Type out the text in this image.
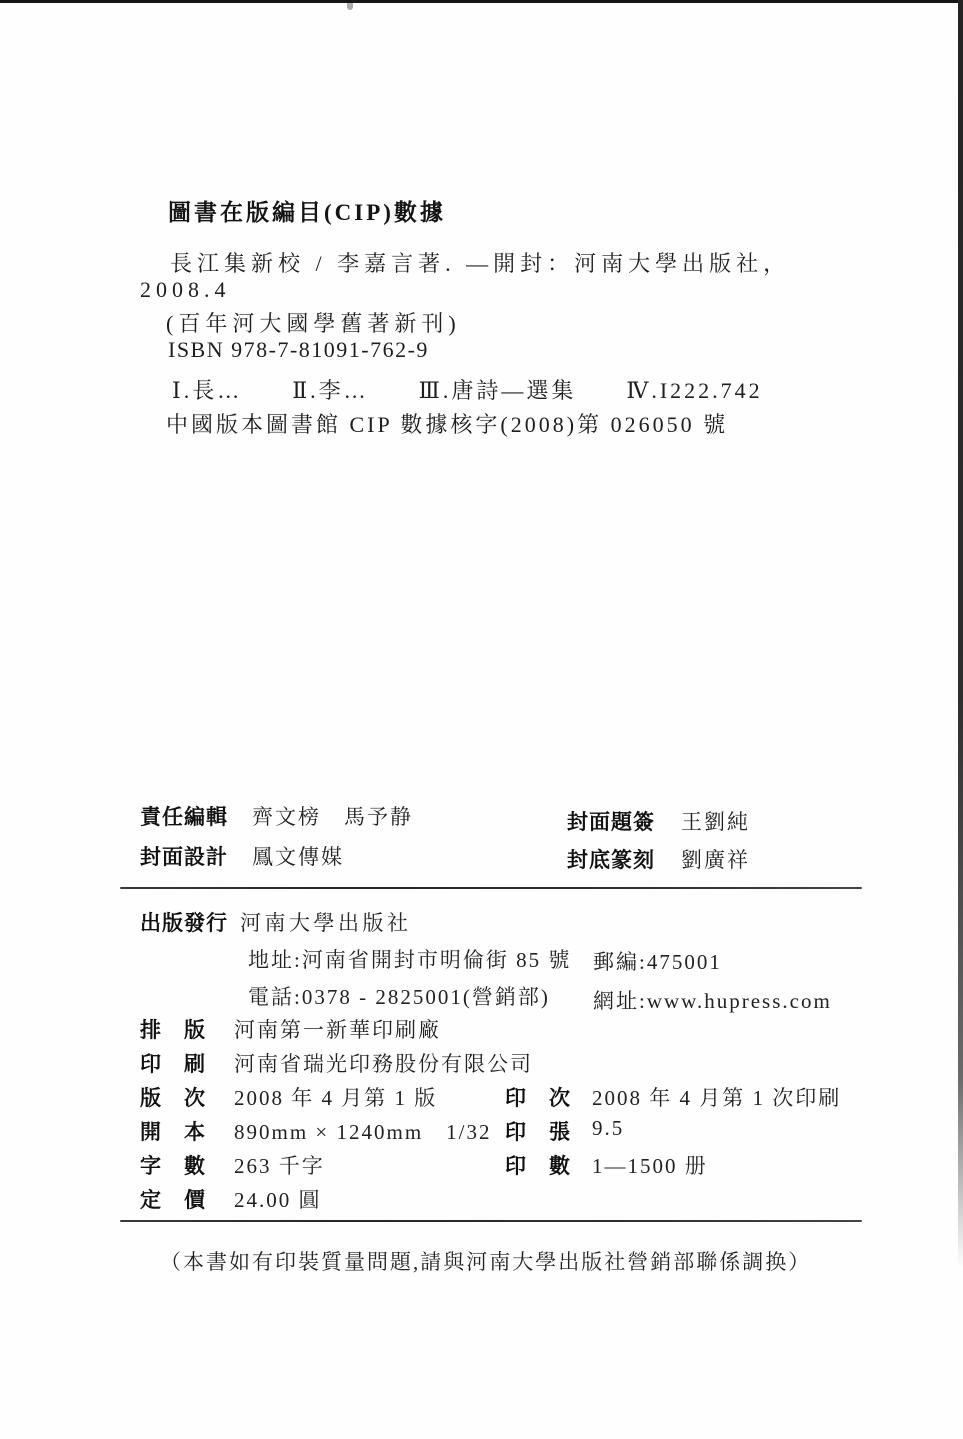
圖書在版編目(CIP)數據
長江集新校 / 李嘉言著. —開封：河南大學出版社，
2008.4
(百年河大國學舊著新刊)
ISBN 978-7-81091-762-9
Ⅰ.長…　　Ⅱ.李…　　Ⅲ.唐詩—選集　　Ⅳ.I222.742
中國版本圖書館 CIP 數據核字(2008)第 026050 號
責任編輯 齊文榜　馬予静
封面設計 鳳文傳媒
封面題簽 王劉純
封底篆刻 劉廣祥
出版發行 河南大學出版社
地址:河南省開封市明倫街 85 號 郵編:475001
電話:0378 - 2825001(營銷部) 網址:www.hupress.com
排　版 河南第一新華印刷廠
印　刷 河南省瑞光印務股份有限公司
版　次 2008 年 4 月第 1 版	印　次 2008 年 4 月第 1 次印刷
開　本 890mm × 1240mm　1/32 印　張 9.5
字　數 263 千字	印　數 1—1500 册
定　價 24.00 圓
（本書如有印裝質量問題,請與河南大學出版社營銷部聯係調换）
